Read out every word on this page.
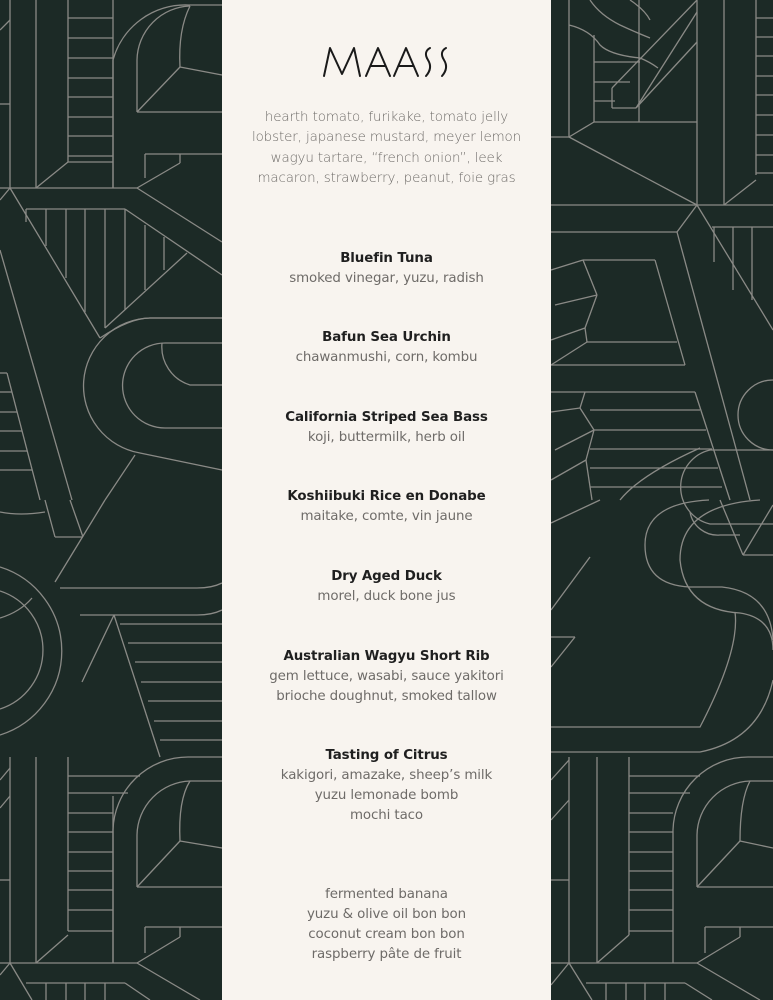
hearth tomato, furikake, tomato jelly
lobster, japanese mustard, meyer lemon
wagyu tartare, “french onion”, leek
macaron, strawberry, peanut, foie gras
Bluefin Tuna
smoked vinegar, yuzu, radish
Bafun Sea Urchin
chawanmushi, corn, kombu
California Striped Sea Bass
koji, buttermilk, herb oil
Koshiibuki Rice en Donabe
maitake, comte, vin jaune
Dry Aged Duck
morel, duck bone jus
Australian Wagyu Short Rib
gem lettuce, wasabi, sauce yakitori
brioche doughnut, smoked tallow
Tasting of Citrus
kakigori, amazake, sheep’s milk
yuzu lemonade bomb
mochi taco
fermented banana
yuzu & olive oil bon bon
coconut cream bon bon
raspberry pâte de fruit
